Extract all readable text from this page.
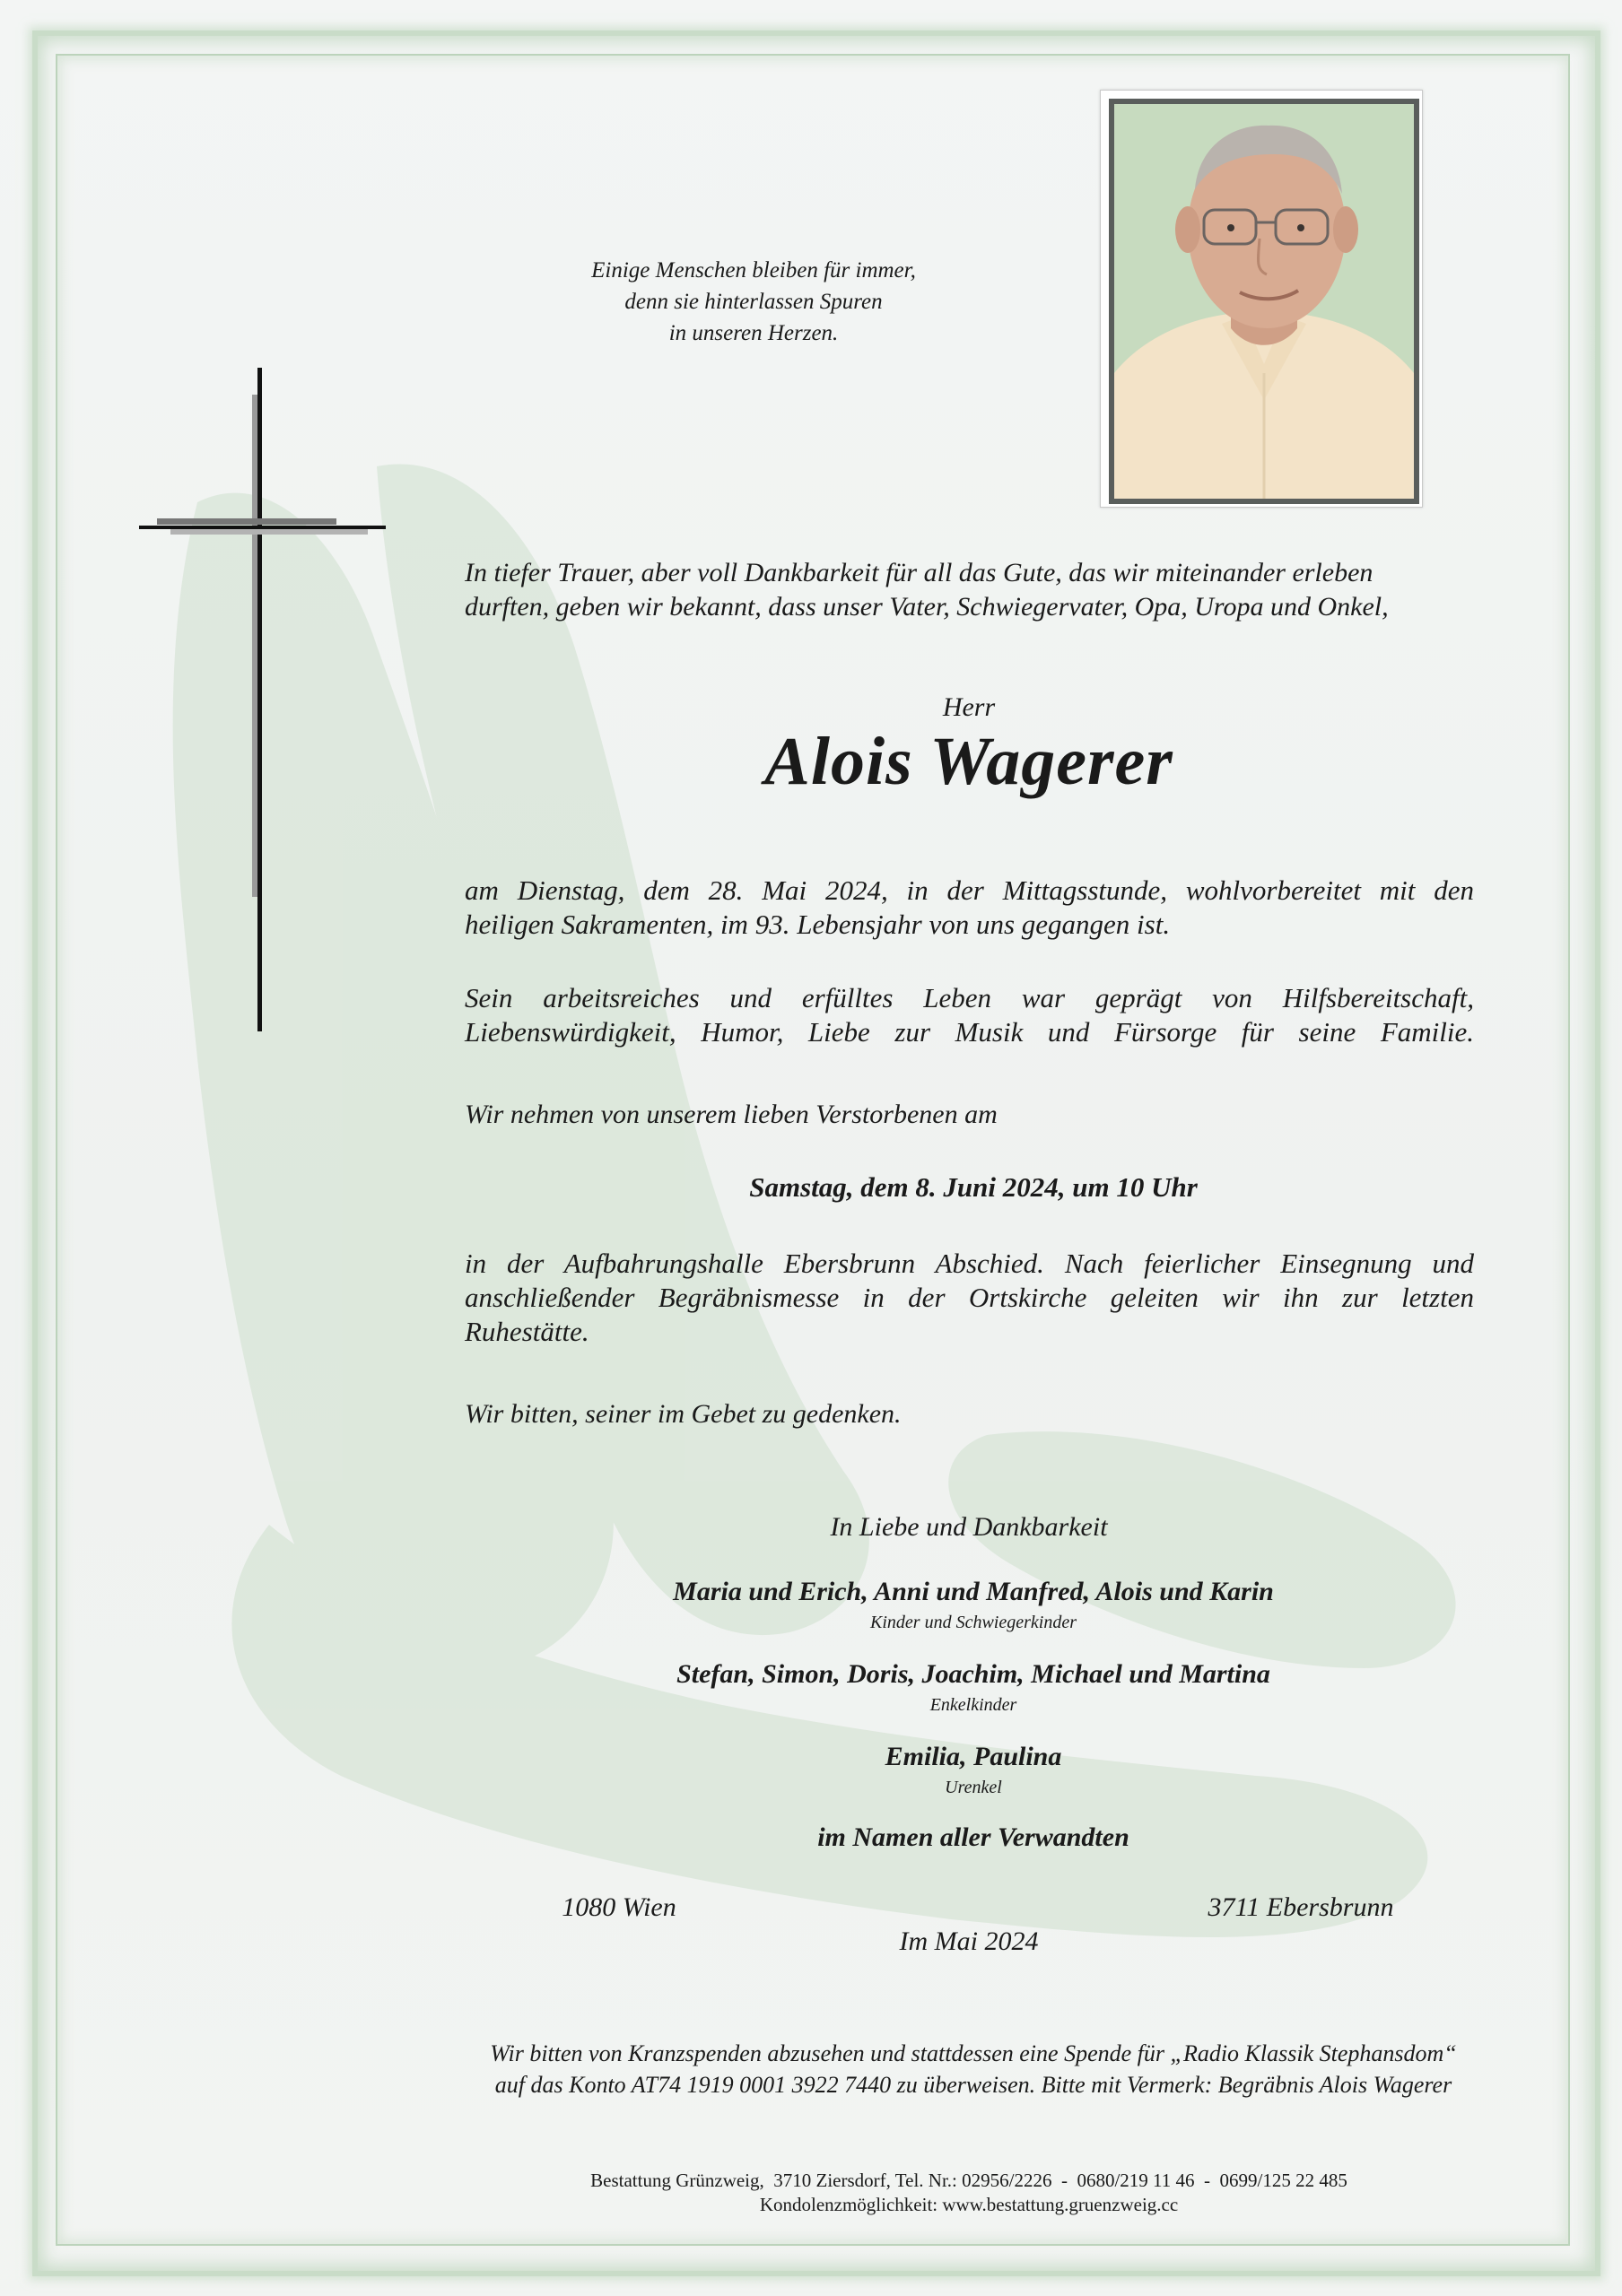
Einige Menschen bleiben für immer,
denn sie hinterlassen Spuren
in unseren Herzen.
In tiefer Trauer, aber voll Dankbarkeit für all das Gute, das wir miteinander erleben
durften, geben wir bekannt, dass unser Vater, Schwiegervater, Opa, Uropa und Onkel,
Herr
Alois Wagerer
am Dienstag, dem 28. Mai 2024, in der Mittagsstunde, wohlvorbereitet mit den
heiligen Sakramenten, im 93. Lebensjahr von uns gegangen ist.
Sein arbeitsreiches und erfülltes Leben war geprägt von Hilfsbereitschaft,
Liebenswürdigkeit, Humor, Liebe zur Musik und Fürsorge für seine Familie.
Wir nehmen von unserem lieben Verstorbenen am
Samstag, dem 8. Juni 2024, um 10 Uhr
in der Aufbahrungshalle Ebersbrunn Abschied. Nach feierlicher Einsegnung und
anschließender Begräbnismesse in der Ortskirche geleiten wir ihn zur letzten
Ruhestätte.
Wir bitten, seiner im Gebet zu gedenken.
In Liebe und Dankbarkeit
Maria und Erich, Anni und Manfred, Alois und Karin
Kinder und Schwiegerkinder
Stefan, Simon, Doris, Joachim, Michael und Martina
Enkelkinder
Emilia, Paulina
Urenkel
im Namen aller Verwandten
1080 Wien	3711 Ebersbrunn
Im Mai 2024
Wir bitten von Kranzspenden abzusehen und stattdessen eine Spende für „Radio Klassik Stephansdom“
auf das Konto AT74 1919 0001 3922 7440 zu überweisen. Bitte mit Vermerk: Begräbnis Alois Wagerer
Bestattung Grünzweig,  3710 Ziersdorf, Tel. Nr.: 02956/2226  -  0680/219 11 46  -  0699/125 22 485
Kondolenzmöglichkeit: www.bestattung.gruenzweig.cc
